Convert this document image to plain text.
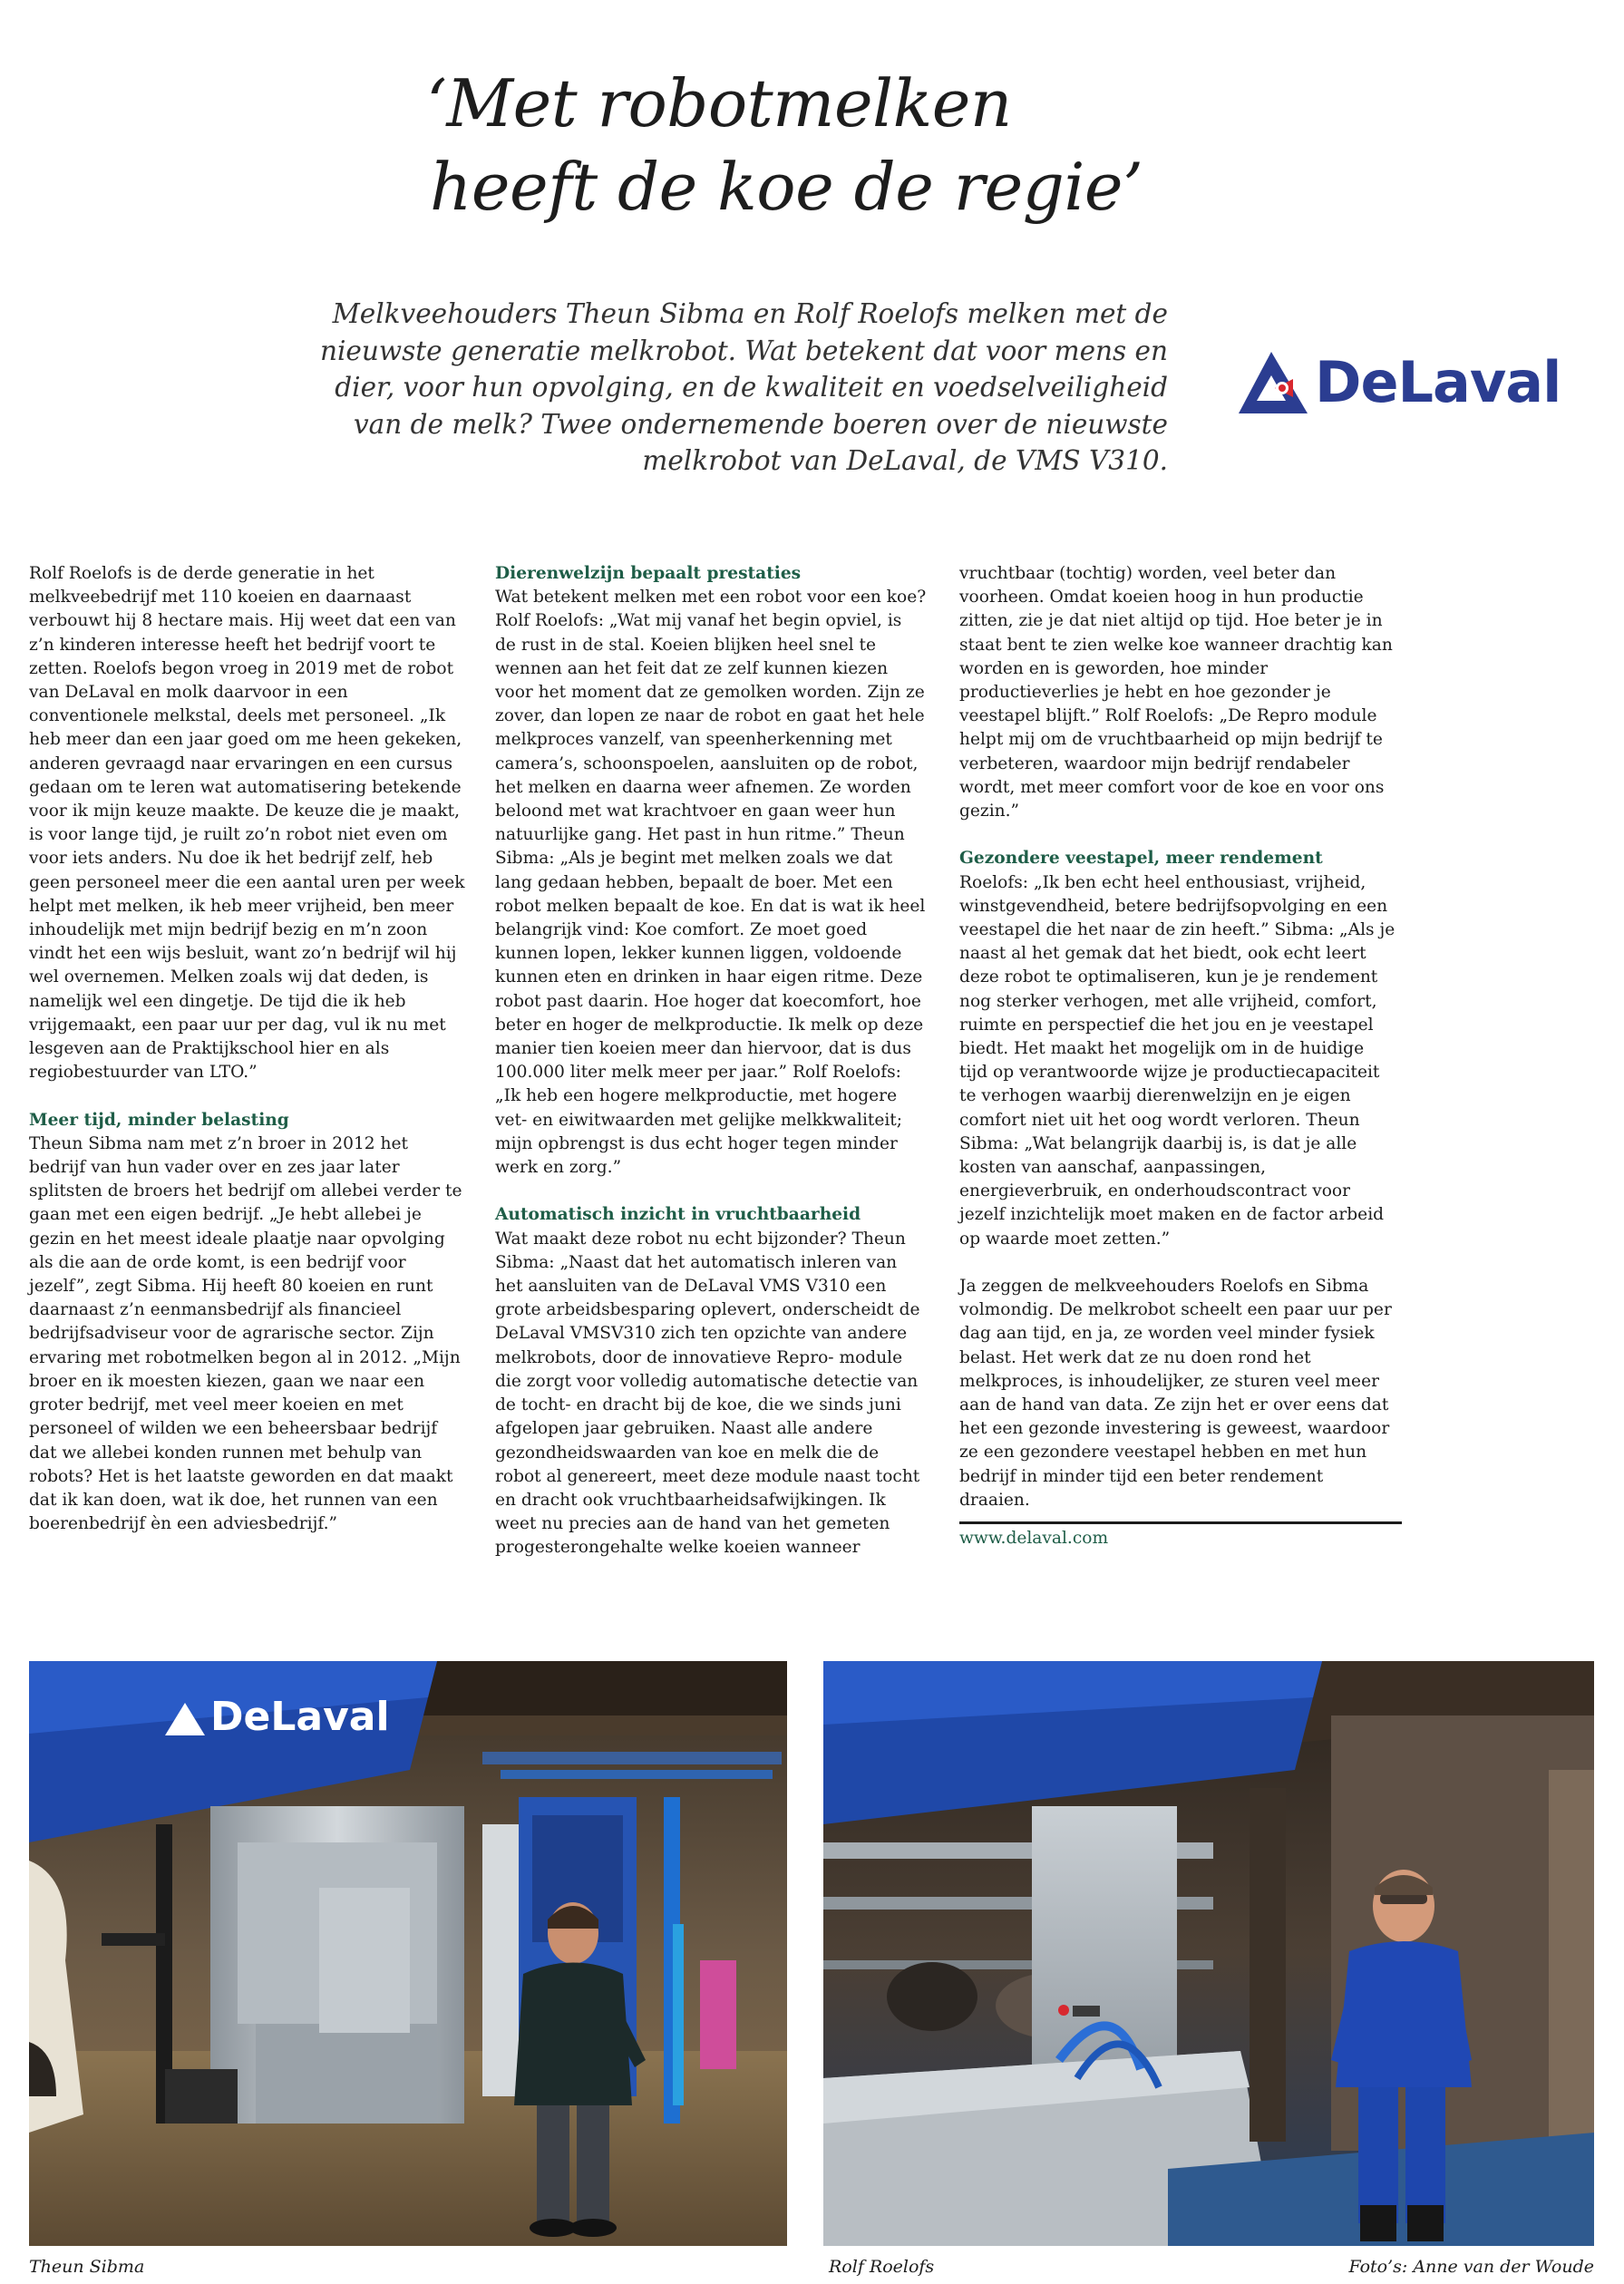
‘Met robotmelken
heeft de koe de regie’
Melkveehouders Theun Sibma en Rolf Roelofs melken met de
nieuwste generatie melkrobot. Wat betekent dat voor mens en
dier, voor hun opvolging, en de kwaliteit en voedselveiligheid
van de melk? Twee ondernemende boeren over de nieuwste
melkrobot van DeLaval, de VMS V310.
DeLaval

Rolf Roelofs is de derde generatie in het

melkveebedrijf met 110 koeien en daarnaast

verbouwt hij 8 hectare mais. Hij weet dat een van

z’n kinderen interesse heeft het bedrijf voort te

zetten. Roelofs begon vroeg in 2019 met de robot

van DeLaval en molk daarvoor in een

conventionele melkstal, deels met personeel. „Ik

heb meer dan een jaar goed om me heen gekeken,

anderen gevraagd naar ervaringen en een cursus

gedaan om te leren wat automatisering betekende

voor ik mijn keuze maakte. De keuze die je maakt,

is voor lange tijd, je ruilt zo’n robot niet even om

voor iets anders. Nu doe ik het bedrijf zelf, heb

geen personeel meer die een aantal uren per week

helpt met melken, ik heb meer vrijheid, ben meer

inhoudelijk met mijn bedrijf bezig en m’n zoon

vindt het een wijs besluit, want zo’n bedrijf wil hij

wel overnemen. Melken zoals wij dat deden, is

namelijk wel een dingetje. De tijd die ik heb

vrijgemaakt, een paar uur per dag, vul ik nu met

lesgeven aan de Praktijkschool hier en als

regiobestuurder van LTO.”

Meer tijd, minder belasting

Theun Sibma nam met z’n broer in 2012 het

bedrijf van hun vader over en zes jaar later

splitsten de broers het bedrijf om allebei verder te

gaan met een eigen bedrijf. „Je hebt allebei je

gezin en het meest ideale plaatje naar opvolging

als die aan de orde komt, is een bedrijf voor

jezelf”, zegt Sibma. Hij heeft 80 koeien en runt

daarnaast z’n eenmansbedrijf als financieel

bedrijfsadviseur voor de agrarische sector. Zijn

ervaring met robotmelken begon al in 2012. „Mijn

broer en ik moesten kiezen, gaan we naar een

groter bedrijf, met veel meer koeien en met

personeel of wilden we een beheersbaar bedrijf

dat we allebei konden runnen met behulp van

robots? Het is het laatste geworden en dat maakt

dat ik kan doen, wat ik doe, het runnen van een

boerenbedrijf èn een adviesbedrijf.”

Dierenwelzijn bepaalt prestaties

Wat betekent melken met een robot voor een koe?

Rolf Roelofs: „Wat mij vanaf het begin opviel, is

de rust in de stal. Koeien blijken heel snel te

wennen aan het feit dat ze zelf kunnen kiezen

voor het moment dat ze gemolken worden. Zijn ze

zover, dan lopen ze naar de robot en gaat het hele

melkproces vanzelf, van speenherkenning met

camera’s, schoonspoelen, aansluiten op de robot,

het melken en daarna weer afnemen. Ze worden

beloond met wat krachtvoer en gaan weer hun

natuurlijke gang. Het past in hun ritme.” Theun

Sibma: „Als je begint met melken zoals we dat

lang gedaan hebben, bepaalt de boer. Met een

robot melken bepaalt de koe. En dat is wat ik heel

belangrijk vind: Koe comfort. Ze moet goed

kunnen lopen, lekker kunnen liggen, voldoende

kunnen eten en drinken in haar eigen ritme. Deze

robot past daarin. Hoe hoger dat koecomfort, hoe

beter en hoger de melkproductie. Ik melk op deze

manier tien koeien meer dan hiervoor, dat is dus

100.000 liter melk meer per jaar.” Rolf Roelofs:

„Ik heb een hogere melkproductie, met hogere

vet- en eiwitwaarden met gelijke melkkwaliteit;

mijn opbrengst is dus echt hoger tegen minder

werk en zorg.”

Automatisch inzicht in vruchtbaarheid

Wat maakt deze robot nu echt bijzonder? Theun

Sibma: „Naast dat het automatisch inleren van

het aansluiten van de DeLaval VMS V310 een

grote arbeidsbesparing oplevert, onderscheidt de

DeLaval VMSV310 zich ten opzichte van andere

melkrobots, door de innovatieve Repro- module

die zorgt voor volledig automatische detectie van

de tocht- en dracht bij de koe, die we sinds juni

afgelopen jaar gebruiken. Naast alle andere

gezondheidswaarden van koe en melk die de

robot al genereert, meet deze module naast tocht

en dracht ook vruchtbaarheidsafwijkingen. Ik

weet nu precies aan de hand van het gemeten

progesterongehalte welke koeien wanneer

vruchtbaar (tochtig) worden, veel beter dan

voorheen. Omdat koeien hoog in hun productie

zitten, zie je dat niet altijd op tijd. Hoe beter je in

staat bent te zien welke koe wanneer drachtig kan

worden en is geworden, hoe minder

productieverlies je hebt en hoe gezonder je

veestapel blijft.” Rolf Roelofs: „De Repro module

helpt mij om de vruchtbaarheid op mijn bedrijf te

verbeteren, waardoor mijn bedrijf rendabeler

wordt, met meer comfort voor de koe en voor ons

gezin.”

Gezondere veestapel, meer rendement

Roelofs: „Ik ben echt heel enthousiast, vrijheid,

winstgevendheid, betere bedrijfsopvolging en een

veestapel die het naar de zin heeft.” Sibma: „Als je

naast al het gemak dat het biedt, ook echt leert

deze robot te optimaliseren, kun je je rendement

nog sterker verhogen, met alle vrijheid, comfort,

ruimte en perspectief die het jou en je veestapel

biedt. Het maakt het mogelijk om in de huidige

tijd op verantwoorde wijze je productiecapaciteit

te verhogen waarbij dierenwelzijn en je eigen

comfort niet uit het oog wordt verloren. Theun

Sibma: „Wat belangrijk daarbij is, is dat je alle

kosten van aanschaf, aanpassingen,

energieverbruik, en onderhoudscontract voor

jezelf inzichtelijk moet maken en de factor arbeid

op waarde moet zetten.”

Ja zeggen de melkveehouders Roelofs en Sibma

volmondig. De melkrobot scheelt een paar uur per

dag aan tijd, en ja, ze worden veel minder fysiek

belast. Het werk dat ze nu doen rond het

melkproces, is inhoudelijker, ze sturen veel meer

aan de hand van data. Ze zijn het er over eens dat

het een gezonde investering is geweest, waardoor

ze een gezondere veestapel hebben en met hun

bedrijf in minder tijd een beter rendement

draaien.

www.delaval.com

DeLaval
Theun Sibma	Rolf Roelofs	Foto’s: Anne van der Woude
